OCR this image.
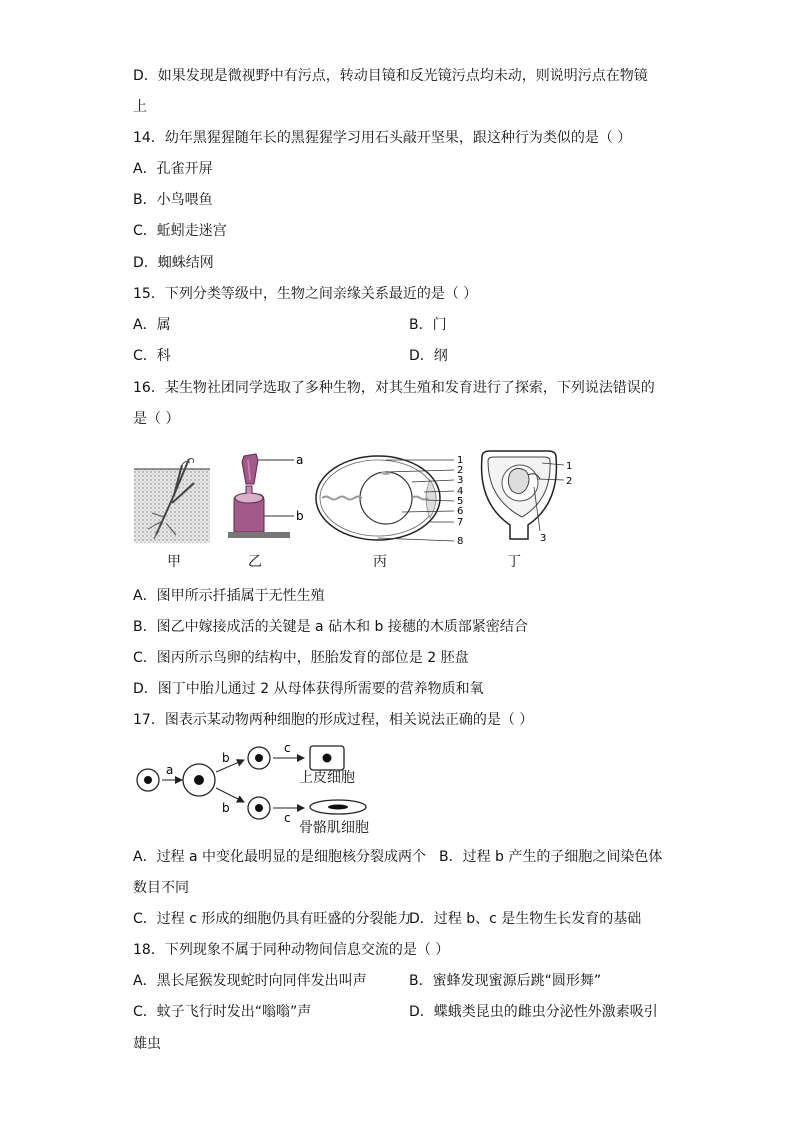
D．如果发现是微视野中有污点，转动目镜和反光镜污点均未动，则说明污点在物镜
上
14．幼年黑猩猩随年长的黑猩猩学习用石头敲开坚果，跟这种行为类似的是（ ）
A．孔雀开屏
B．小鸟喂鱼
C．蚯蚓走迷宫
D．蜘蛛结网
15．下列分类等级中，生物之间亲缘关系最近的是（ ）
A．属	B．门
C．科	D．纲
16．某生物社团同学选取了多种生物，对其生殖和发育进行了探索，下列说法错误的
是（ ）
甲
a
b
乙
1
2
3
4
5
6
7
8
丙
1
2
3
丁
A．图甲所示扦插属于无性生殖
B．图乙中嫁接成活的关键是 a 砧木和 b 接穗的木质部紧密结合
C．图丙所示鸟卵的结构中，胚胎发育的部位是 2 胚盘
D．图丁中胎儿通过 2 从母体获得所需要的营养物质和氧
17．图表示某动物两种细胞的形成过程，相关说法正确的是（ ）
a
b
b
c
c
上皮细胞
骨骼肌细胞
A．过程 a 中变化最明显的是细胞核分裂成两个 B．过程 b 产生的子细胞之间染色体
数目不同
C．过程 c 形成的细胞仍具有旺盛的分裂能力
D．过程 b、c 是生物生长发育的基础
18．下列现象不属于同种动物间信息交流的是（ ）
A．黑长尾猴发现蛇时向同伴发出叫声	B．蜜蜂发现蜜源后跳“圆形舞”
C．蚊子飞行时发出“嗡嗡”声	D．蝶蛾类昆虫的雌虫分泌性外激素吸引
雄虫
